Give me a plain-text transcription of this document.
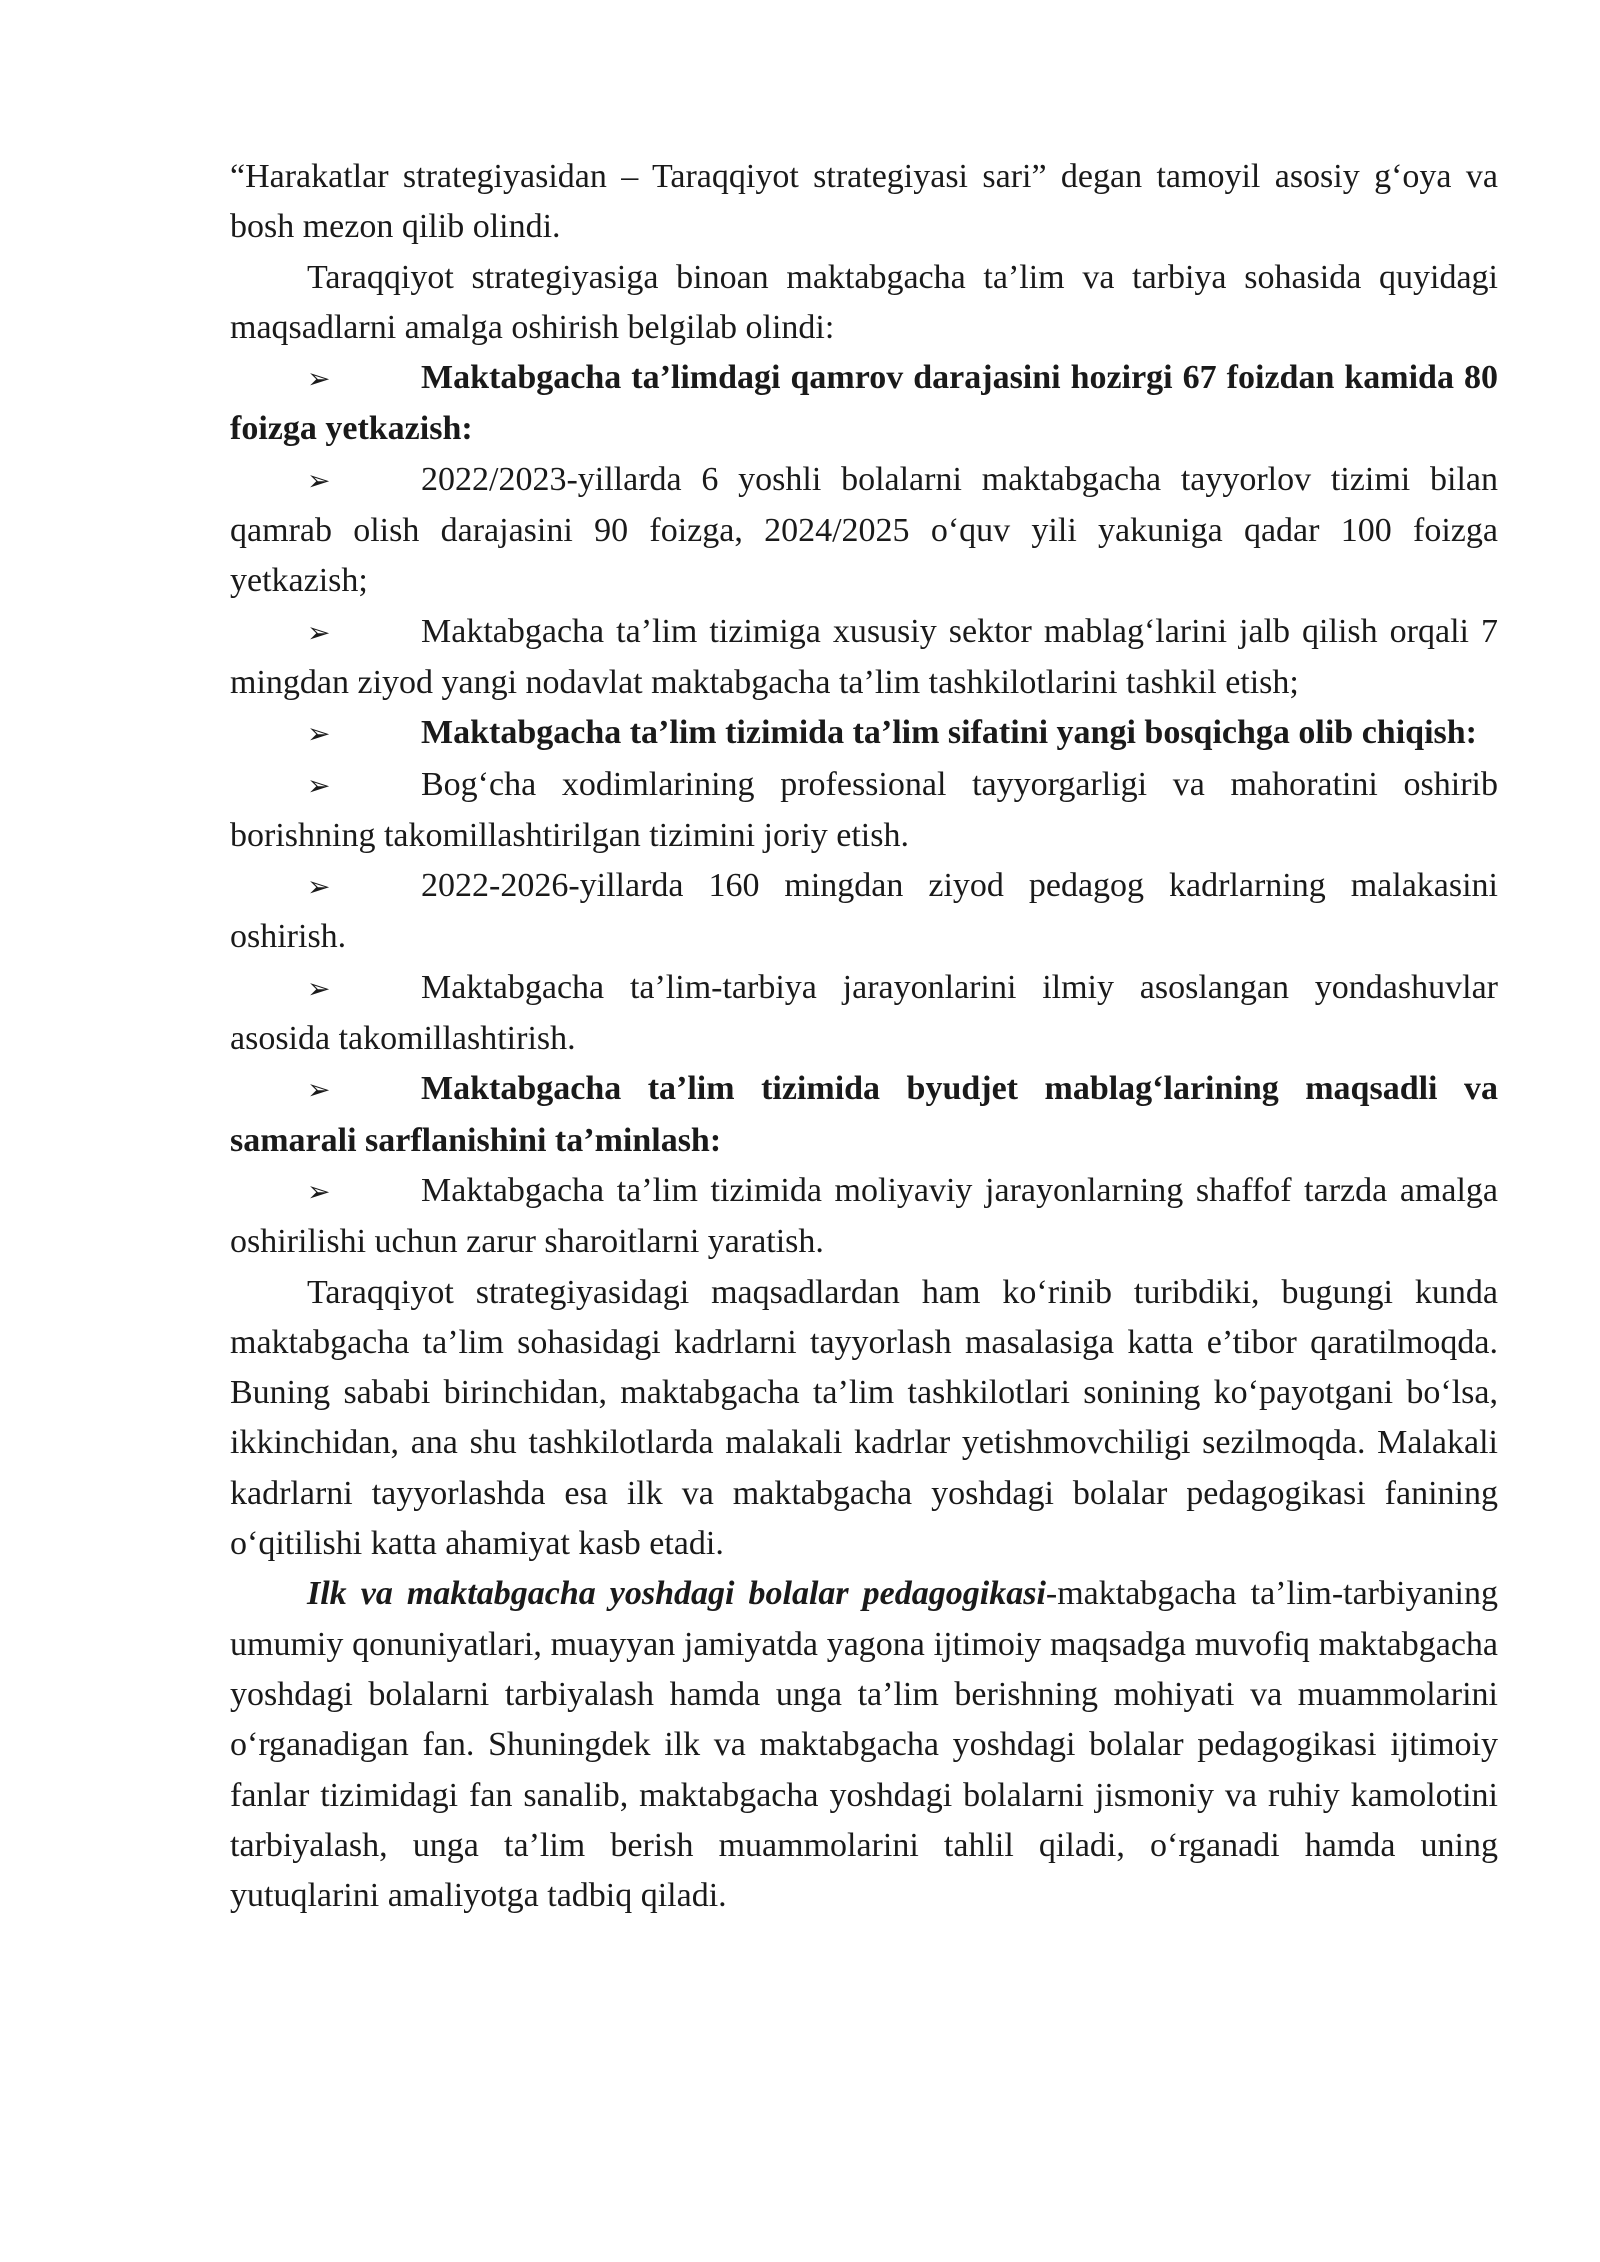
“Harakatlar strategiyasidan – Taraqqiyot strategiyasi sari” degan tamoyil asosiy g‘oya va bosh mezon qilib olindi.

Taraqqiyot strategiyasiga binoan maktabgacha ta’lim va tarbiya sohasida quyidagi maqsadlarni amalga oshirish belgilab olindi:

➢	Maktabgacha ta’limdagi qamrov darajasini hozirgi 67 foizdan kamida 80 foizga yetkazish:

➢	2022/2023-yillarda 6 yoshli bolalarni maktabgacha tayyorlov tizimi bilan qamrab olish darajasini 90 foizga, 2024/2025 o‘quv yili yakuniga qadar 100 foizga yetkazish;

➢	Maktabgacha ta’lim tizimiga xususiy sektor mablag‘larini jalb qilish orqali 7 mingdan ziyod yangi nodavlat maktabgacha ta’lim tashkilotlarini tashkil etish;

➢	Maktabgacha ta’lim tizimida ta’lim sifatini yangi bosqichga olib chiqish:

➢	Bog‘cha xodimlarining professional tayyorgarligi va mahoratini oshirib borishning takomillashtirilgan tizimini joriy etish.

➢	2022-2026-yillarda 160 mingdan ziyod pedagog kadrlarning malakasini oshirish.

➢	Maktabgacha ta’lim-tarbiya jarayonlarini ilmiy asoslangan yondashuvlar asosida takomillashtirish.

➢	Maktabgacha ta’lim tizimida byudjet mablag‘larining maqsadli va samarali sarflanishini ta’minlash:

➢	Maktabgacha ta’lim tizimida moliyaviy jarayonlarning shaffof tarzda amalga oshirilishi uchun zarur sharoitlarni yaratish.

Taraqqiyot strategiyasidagi maqsadlardan ham ko‘rinib turibdiki, bugungi kunda maktabgacha ta’lim sohasidagi kadrlarni tayyorlash masalasiga katta e’tibor qaratilmoqda. Buning sababi birinchidan, maktabgacha ta’lim tashkilotlari sonining ko‘payotgani bo‘lsa, ikkinchidan, ana shu tashkilotlarda malakali kadrlar yetishmovchiligi sezilmoqda. Malakali kadrlarni tayyorlashda esa ilk va maktabgacha yoshdagi bolalar pedagogikasi fanining o‘qitilishi katta ahamiyat kasb etadi.

Ilk va maktabgacha yoshdagi bolalar pedagogikasi-maktabgacha ta’lim-tarbiyaning umumiy qonuniyatlari, muayyan jamiyatda yagona ijtimoiy maqsadga muvofiq maktabgacha yoshdagi bolalarni tarbiyalash hamda unga ta’lim berishning mohiyati va muammolarini o‘rganadigan fan. Shuningdek ilk va maktabgacha yoshdagi bolalar pedagogikasi ijtimoiy fanlar tizimidagi fan sanalib, maktabgacha yoshdagi bolalarni jismoniy va ruhiy kamolotini tarbiyalash, unga ta’lim berish muammolarini tahlil qiladi, o‘rganadi hamda uning yutuqlarini amaliyotga tadbiq qiladi.
